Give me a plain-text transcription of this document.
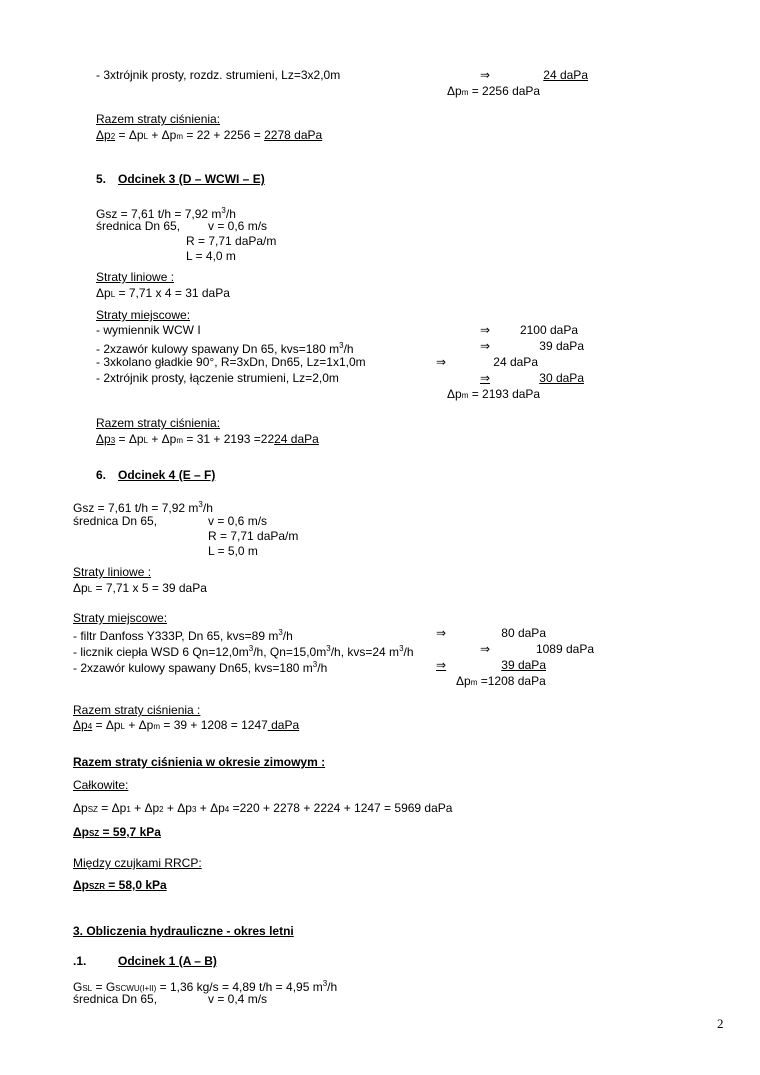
- 3xtrójnik prosty, rozdz. strumieni, Lz=3x2,0m	⇒	24 daPa
Δpm = 2256 daPa
Razem straty ciśnienia:
Δp2 = ΔpL + Δpm = 22 + 2256 = 2278 daPa
5. Odcinek 3 (D – WCWI – E)
Gsz = 7,61 t/h = 7,92 $m^3/h$
średnica Dn 65, v = 0,6 m/s
R = 7,71 daPa/m
L = 4,0 m
Straty liniowe :
ΔpL = 7,71 x 4 = 31 daPa
Straty miejscowe:
- wymiennik WCW I	⇒	2100 daPa
- 2xzawór kulowy spawany Dn 65, kvs=180 $m^3/h$	⇒	39 daPa
- 3xkolano gładkie 90°, R=3xDn, Dn65, Lz=1x1,0m	⇒	24 daPa
- 2xtrójnik prosty, łączenie strumieni, Lz=2,0m	⇒	30 daPa
Δpm = 2193 daPa
Razem straty ciśnienia:
Δp3 = ΔpL + Δpm = 31 + 2193 =2224 daPa
6. Odcinek 4 (E – F)
Gsz = 7,61 t/h = 7,92 $m^3/h$
średnica Dn 65,	v = 0,6 m/s
R = 7,71 daPa/m
L = 5,0 m
Straty liniowe :
ΔpL = 7,71 x 5 = 39 daPa
Straty miejscowe:
- filtr Danfoss Y333P, Dn 65, kvs=89 $m^3/h$	⇒	80 daPa
- licznik ciepła WSD 6 $Qn=12,0m^3/h$, $Qn=15,0m^3/h$, kvs=24 $m^3/h$	⇒	1089 daPa
- 2xzawór kulowy spawany Dn65, kvs=180 $m^3/h$	⇒	39 daPa
Δpm =1208 daPa
Razem straty ciśnienia :
Δp4 = ΔpL + Δpm = 39 + 1208 = 1247 daPa
Razem straty ciśnienia w okresie zimowym :
Całkowite:
ΔpSZ = Δp1 + Δp2 + Δp3 + Δp4 =220 + 2278 + 2224 + 1247 = 5969 daPa
ΔpSZ = 59,7 kPa
Między czujkami RRCP:
ΔpSZR = 58,0 kPa
3. Obliczenia hydrauliczne - okres letni
.1.	Odcinek 1 (A – B)
GSL = GSCWU(I+II) = 1,36 kg/s = 4,89 t/h = 4,95 $m^3/h$
średnica Dn 65,	v = 0,4 m/s
2
